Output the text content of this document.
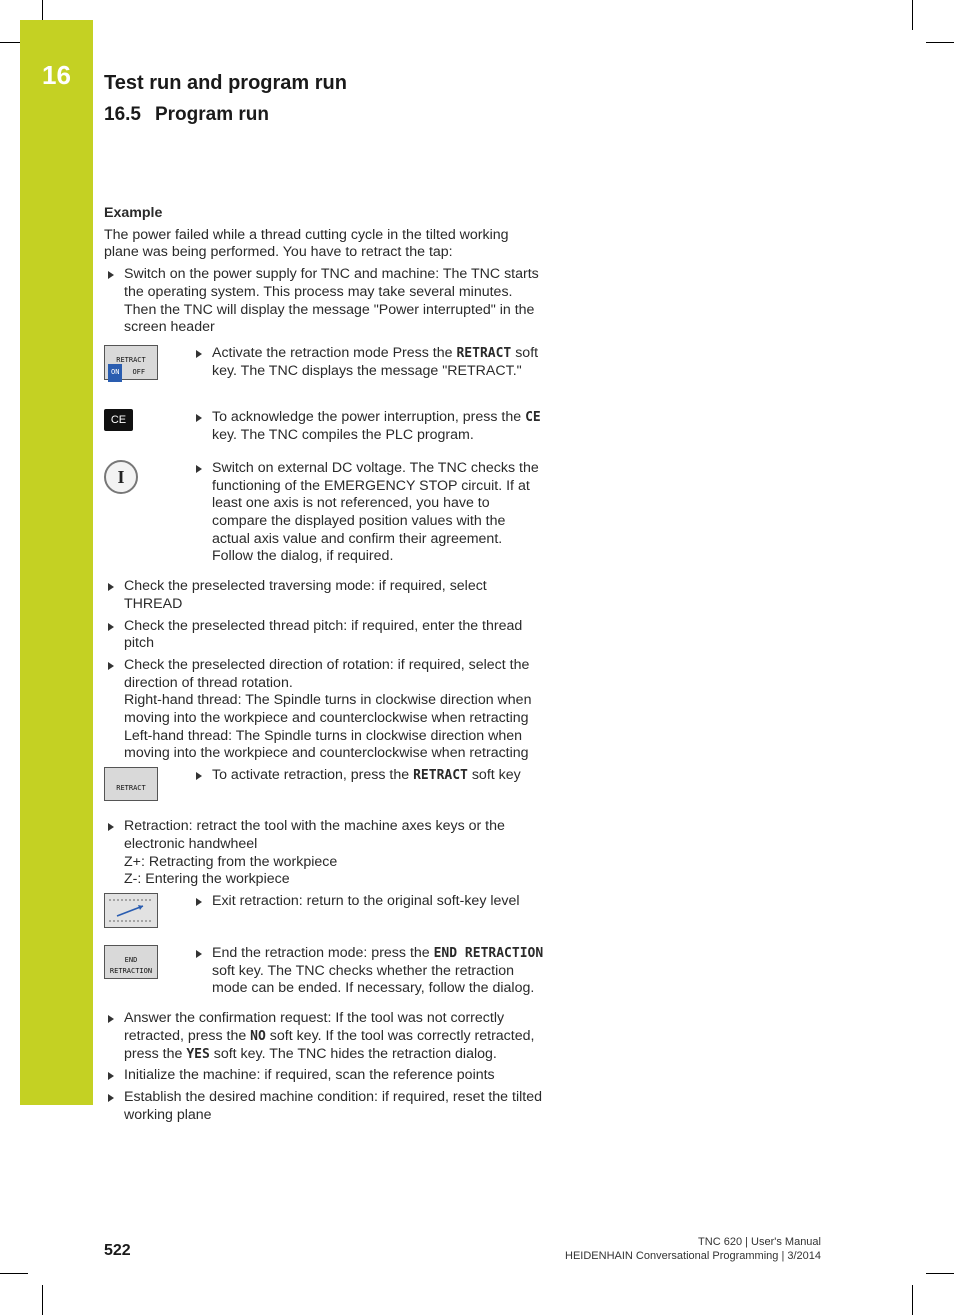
16	Test run and program run
16.5 Program run
Example

The power failed while a thread cutting cycle in the tilted working plane was being performed. You have to retract the tap:

Switch on the power supply for TNC and machine: The TNC starts the operating system. This process may take several minutes. Then the TNC will display the message "Power interrupted" in the screen header
RETRACT
ON	OFF
Activate the retraction mode Press the RETRACT soft key. The TNC displays the message "RETRACT."
CE	To acknowledge the power interruption, press the CE key. The TNC compiles the PLC program.
I	Switch on external DC voltage. The TNC checks the functioning of the EMERGENCY STOP circuit. If at least one axis is not referenced, you have to compare the displayed position values with the actual axis value and confirm their agreement. Follow the dialog, if required.
Check the preselected traversing mode: if required, select THREAD
Check the preselected thread pitch: if required, enter the thread pitch
Check the preselected direction of rotation: if required, select the direction of thread rotation.
Right-hand thread: The Spindle turns in clockwise direction when moving into the workpiece and counterclockwise when retracting
Left-hand thread: The Spindle turns in clockwise direction when moving into the workpiece and counterclockwise when retracting
RETRACT
To activate retraction, press the RETRACT soft key
Retraction: retract the tool with the machine axes keys or the electronic handwheel
Z+: Retracting from the workpiece
Z-: Entering the workpiece
Exit retraction: return to the original soft-key level
END
RETRACTION
End the retraction mode: press the END RETRACTION soft key. The TNC checks whether the retraction mode can be ended. If necessary, follow the dialog.
Answer the confirmation request: If the tool was not correctly retracted, press the NO soft key. If the tool was correctly retracted, press the YES soft key. The TNC hides the retraction dialog.
Initialize the machine: if required, scan the reference points
Establish the desired machine condition: if required, reset the tilted working plane
522	TNC 620 | User's Manual
HEIDENHAIN Conversational Programming | 3/2014
